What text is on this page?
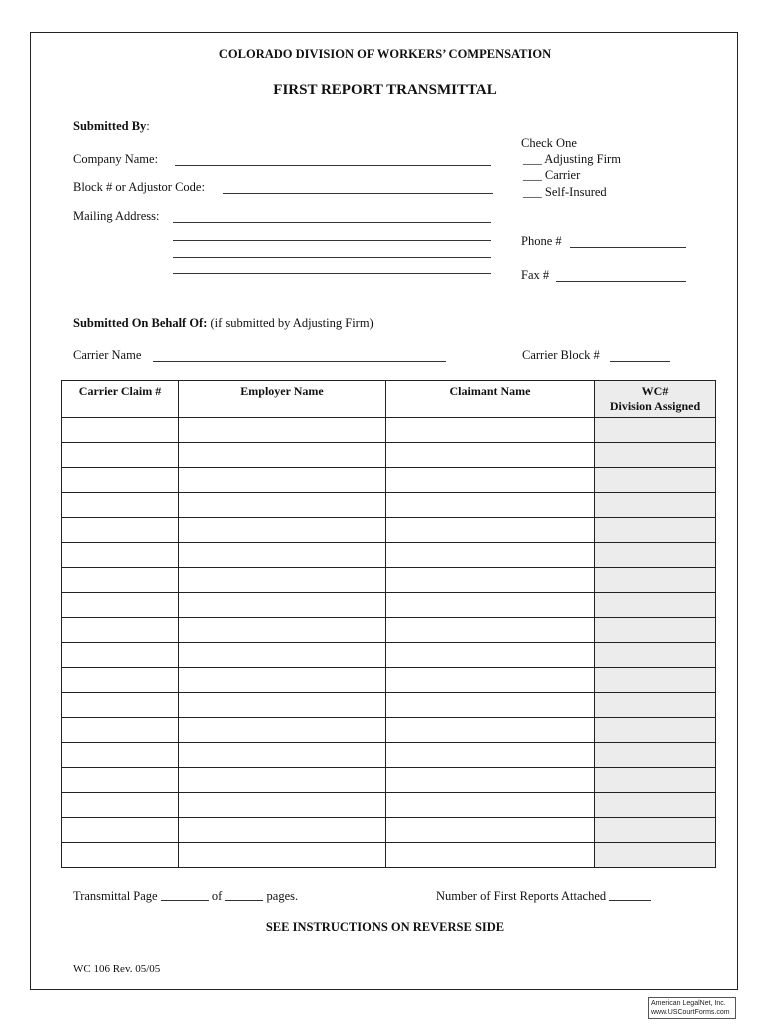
COLORADO DIVISION OF WORKERS’ COMPENSATION
FIRST REPORT TRANSMITTAL
Submitted By:
Company Name:
Block # or Adjustor Code:
Mailing Address:
Check One
___ Adjusting Firm
___ Carrier
___ Self-Insured
Phone #
Fax #
Submitted On Behalf Of: (if submitted by Adjusting Firm)
Carrier Name	Carrier Block #
Carrier Claim #	Employer Name	Claimant Name	WC#
Division Assigned

Transmittal Page	of	pages.	Number of First Reports Attached
SEE INSTRUCTIONS ON REVERSE SIDE
WC 106 Rev. 05/05
American LegalNet, Inc.
www.USCourtForms.com
